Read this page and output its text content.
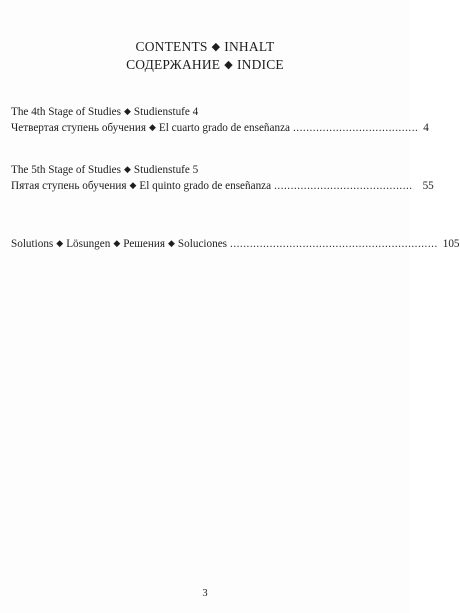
CONTENTS ◆ INHALT
СОДЕРЖАНИЕ ◆ INDICE
The 4th Stage of Studies ◆ Studienstufe 4
Четвертая ступень обучения ◆ El cuarto grado de enseñanza ...................................... 4
The 5th Stage of Studies ◆ Studienstufe 5
Пятая ступень обучения ◆ El quinto grado de enseñanza .......................................... 55
Solutions ◆ Lösungen ◆ Решения ◆ Soluciones ............................................................... 105
3
